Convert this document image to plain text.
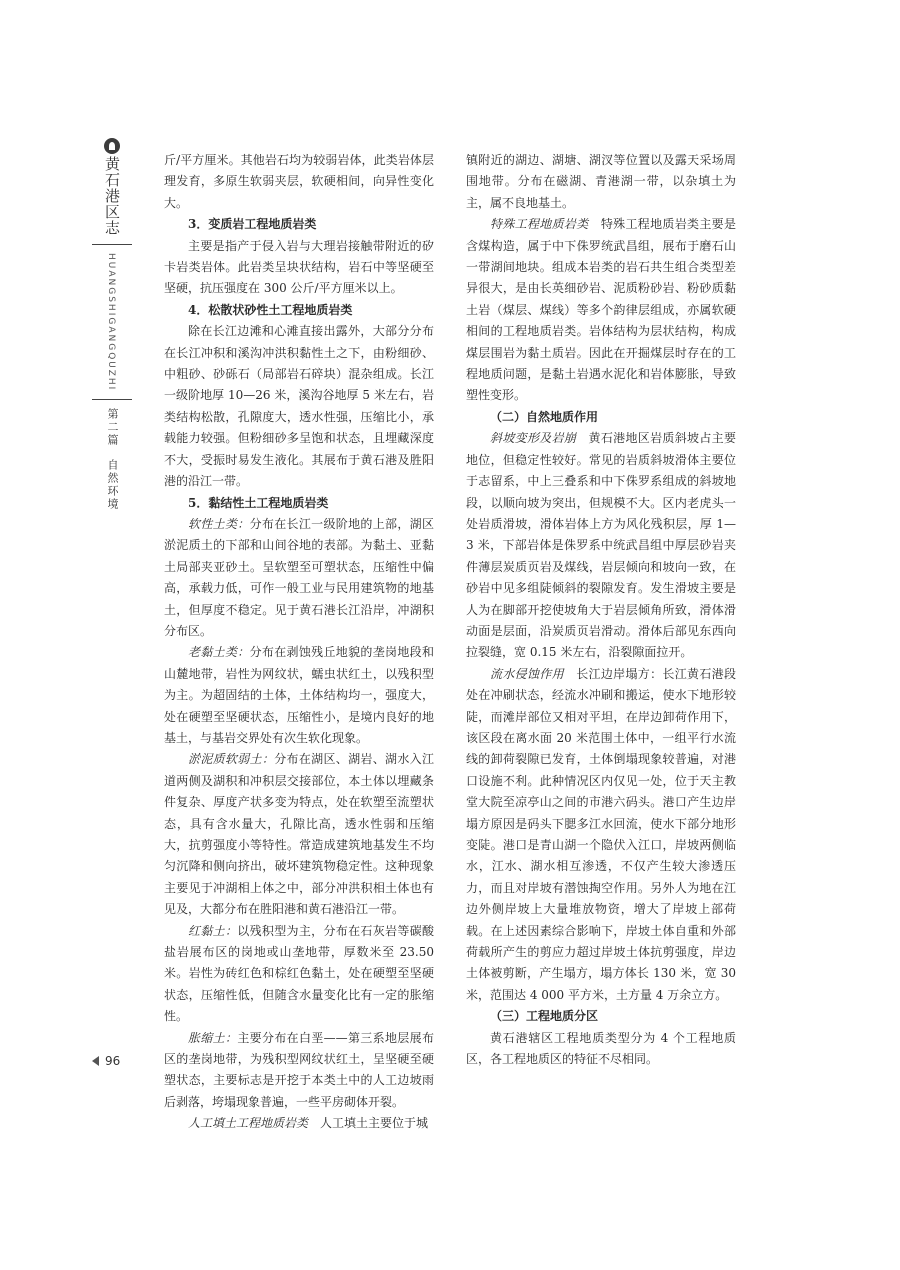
黄石港区志
HUANGSHIGANGQUZHI
第二篇
自然环境

斤/平方厘米。其他岩石均为较弱岩体，此类岩体层理发育，多原生软弱夹层，软硬相间，向异性变化大。

3．变质岩工程地质岩类

主要是指产于侵入岩与大理岩接触带附近的矽卡岩类岩体。此岩类呈块状结构，岩石中等坚硬至坚硬，抗压强度在 300 公斤/平方厘米以上。

4．松散状砂性土工程地质岩类

除在长江边滩和心滩直接出露外，大部分分布在长江冲积和溪沟冲洪积黏性土之下，由粉细砂、中粗砂、砂砾石（局部岩石碎块）混杂组成。长江一级阶地厚 10—26 米，溪沟谷地厚 5 米左右，岩类结构松散，孔隙度大，透水性强，压缩比小，承载能力较强。但粉细砂多呈饱和状态，且埋藏深度不大，受振时易发生液化。其展布于黄石港及胜阳港的沿江一带。

5．黏结性土工程地质岩类

软性土类：分布在长江一级阶地的上部，湖区淤泥质土的下部和山间谷地的表部。为黏土、亚黏土局部夹亚砂土。呈软塑至可塑状态，压缩性中偏高，承载力低，可作一般工业与民用建筑物的地基土，但厚度不稳定。见于黄石港长江沿岸，冲湖积分布区。

老黏土类：分布在剥蚀残丘地貌的垄岗地段和山麓地带，岩性为网纹状，蠕虫状红土，以残积型为主。为超固结的土体，土体结构均一，强度大，处在硬塑至坚硬状态，压缩性小，是境内良好的地基土，与基岩交界处有次生软化现象。

淤泥质软弱土：分布在湖区、湖岩、湖水入江道两侧及湖积和冲积层交接部位，本土体以埋藏条件复杂、厚度产状多变为特点，处在软塑至流塑状态，具有含水量大，孔隙比高，透水性弱和压缩大，抗剪强度小等特性。常造成建筑地基发生不均匀沉降和侧向挤出，破坏建筑物稳定性。这种现象主要见于冲湖相上体之中，部分冲洪积相土体也有见及，大都分布在胜阳港和黄石港沿江一带。

红黏土：以残积型为主，分布在石灰岩等碳酸盐岩展布区的岗地或山垄地带，厚数米至 23.50 米。岩性为砖红色和棕红色黏土，处在硬塑至坚硬状态，压缩性低，但随含水量变化比有一定的胀缩性。

胀缩土：主要分布在白垩——第三系地层展布区的垄岗地带，为残积型网纹状红土，呈坚硬至硬塑状态，主要标志是开挖于本类土中的人工边坡雨后剥落，垮塌现象普遍，一些平房砌体开裂。

人工填土工程地质岩类　人工填土主要位于城

镇附近的湖边、湖塘、湖汊等位置以及露天采场周围地带。分布在磁湖、青港湖一带，以杂填土为主，属不良地基土。

特殊工程地质岩类　特殊工程地质岩类主要是含煤构造，属于中下侏罗统武昌组，展布于磨石山一带湖间地块。组成本岩类的岩石共生组合类型差异很大，是由长英细砂岩、泥质粉砂岩、粉砂质黏土岩（煤层、煤线）等多个韵律层组成，亦属软硬相间的工程地质岩类。岩体结构为层状结构，构成煤层围岩为黏土质岩。因此在开掘煤层时存在的工程地质问题，是黏土岩遇水泥化和岩体膨胀，导致塑性变形。

（二）自然地质作用

斜坡变形及岩崩　黄石港地区岩质斜坡占主要地位，但稳定性较好。常见的岩质斜坡滑体主要位于志留系，中上三叠系和中下侏罗系组成的斜坡地段，以顺向坡为突出，但规模不大。区内老虎头一处岩质滑坡，滑体岩体上方为风化残积层，厚 1—3 米，下部岩体是侏罗系中统武昌组中厚层砂岩夹件薄层炭质页岩及煤线，岩层倾向和坡向一致，在砂岩中见多组陡倾斜的裂隙发育。发生滑坡主要是人为在脚部开挖使坡角大于岩层倾角所致，滑体滑动面是层面，沿炭质页岩滑动。滑体后部见东西向拉裂缝，宽 0.15 米左右，沿裂隙面拉开。

流水侵蚀作用　长江边岸塌方：长江黄石港段处在冲刷状态，经流水冲刷和搬运，使水下地形较陡，而滩岸部位又相对平坦，在岸边卸荷作用下，该区段在离水面 20 米范围土体中，一组平行水流线的卸荷裂隙已发育，土体倒塌现象较普遍，对港口设施不利。此种情况区内仅见一处，位于天主教堂大院至凉亭山之间的市港六码头。港口产生边岸塌方原因是码头下腮多江水回流，使水下部分地形变陡。港口是青山湖一个隐伏入江口，岸坡两侧临水，江水、湖水相互渗透，不仅产生较大渗透压力，而且对岸坡有潜蚀掏空作用。另外人为地在江边外侧岸坡上大量堆放物资，增大了岸坡上部荷载。在上述因素综合影响下，岸坡土体自重和外部荷载所产生的剪应力超过岸坡土体抗剪强度，岸边土体被剪断，产生塌方，塌方体长 130 米，宽 30 米，范围达 4 000 平方米，土方量 4 万余立方。

（三）工程地质分区

黄石港辖区工程地质类型分为 4 个工程地质区，各工程地质区的特征不尽相同。

96
